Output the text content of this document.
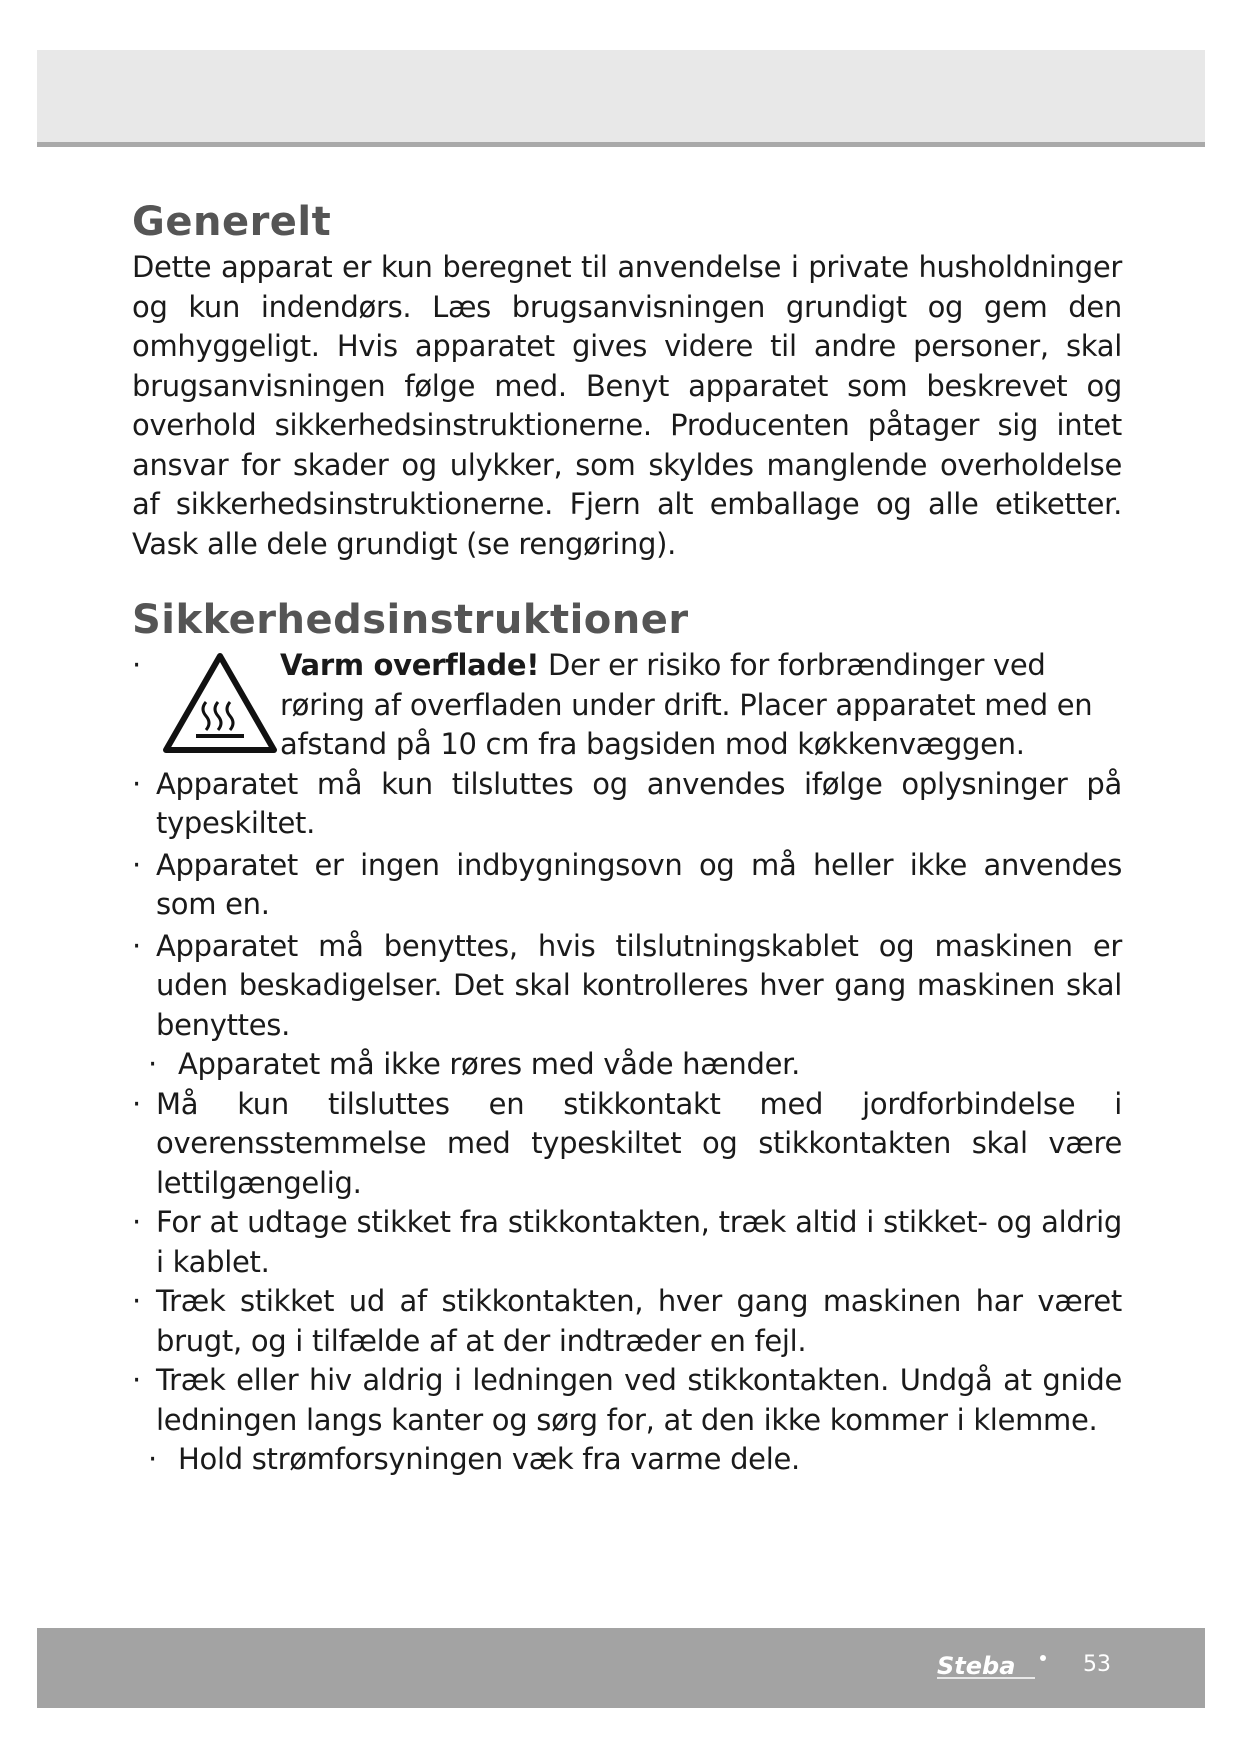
Generelt

Dette apparat er kun beregnet til anvendelse i private husholdninger og kun indendørs. Læs brugsanvisningen grundigt og gem den omhyggeligt. Hvis apparatet gives videre til andre personer, skal brugsanvisningen følge med. Benyt apparatet som beskrevet og overhold sikkerhedsinstruktionerne. Producenten påtager sig intet ansvar for skader og ulykker, som skyldes manglende overholdelse af sikkerhedsinstruktionerne. Fjern alt emballage og alle etiketter. Vask alle dele grundigt (se rengøring).

Sikkerhedsinstruktioner
·	Varm overflade! Der er risiko for forbrændinger ved røring af overfladen under drift. Placer apparatet med en afstand på 10 cm fra bagsiden mod køkkenvæggen.
· Apparatet må kun tilsluttes og anvendes ifølge oplysninger på typeskiltet.
· Apparatet er ingen indbygningsovn og må heller ikke anvendes som en.
· Apparatet må benyttes, hvis tilslutningskablet og maskinen er uden beskadigelser. Det skal kontrolleres hver gang maskinen skal benyttes.
· Apparatet må ikke røres med våde hænder.
· Må kun tilsluttes en stikkontakt med jordforbindelse i overensstemmelse med typeskiltet og stikkontakten skal være lettilgængelig.
· For at udtage stikket fra stikkontakten, træk altid i stikket- og aldrig i kablet.
· Træk stikket ud af stikkontakten, hver gang maskinen har været brugt, og i tilfælde af at der indtræder en fejl.
· Træk eller hiv aldrig i ledningen ved stikkontakten. Undgå at gnide ledningen langs kanter og sørg for, at den ikke kommer i klemme.
· Hold strømforsyningen væk fra varme dele.
Steba	53
